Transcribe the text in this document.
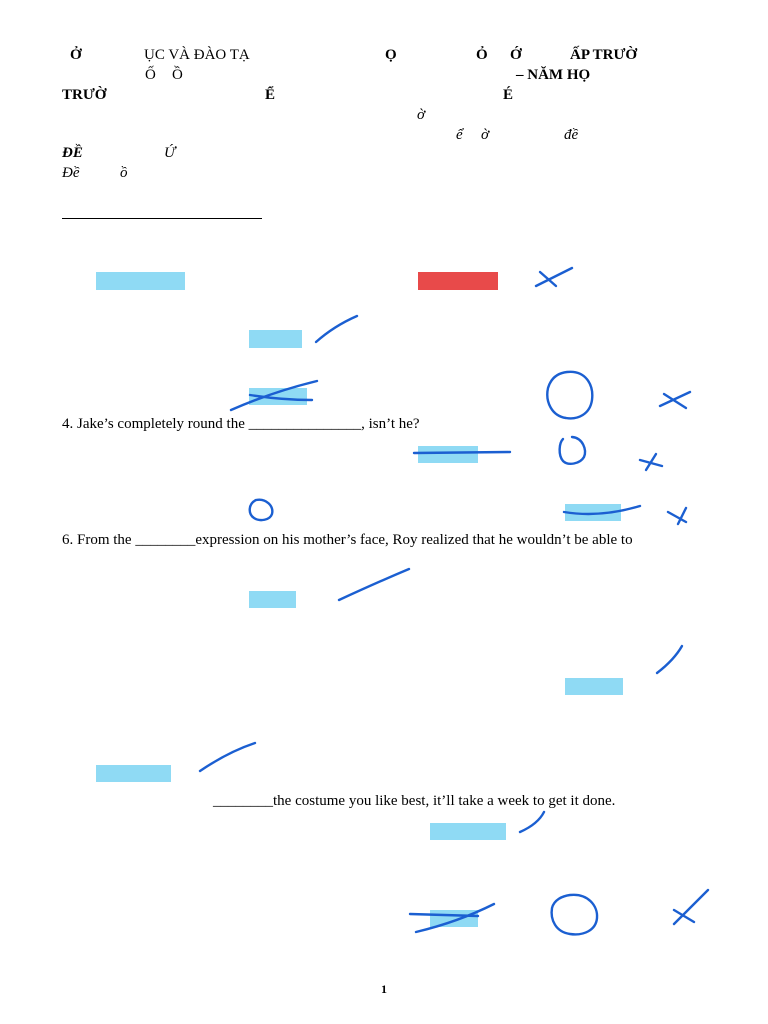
Ở	ỤC VÀ ĐÀO TẠ	Ọ	Ỏ Ớ	ẤP TRƯỜ
Ố Ồ	– NĂM HỌ
TRƯỜ	Ể	É
ờ
ể ờ	đề
ĐỀ	Ứ
Đề	ồ
4. Jake’s completely round the _______________, isn’t he?
6. From the ________expression on his mother’s face, Roy realized that he wouldn’t be able to
________the costume you like best, it’ll take a week to get it done.
1
